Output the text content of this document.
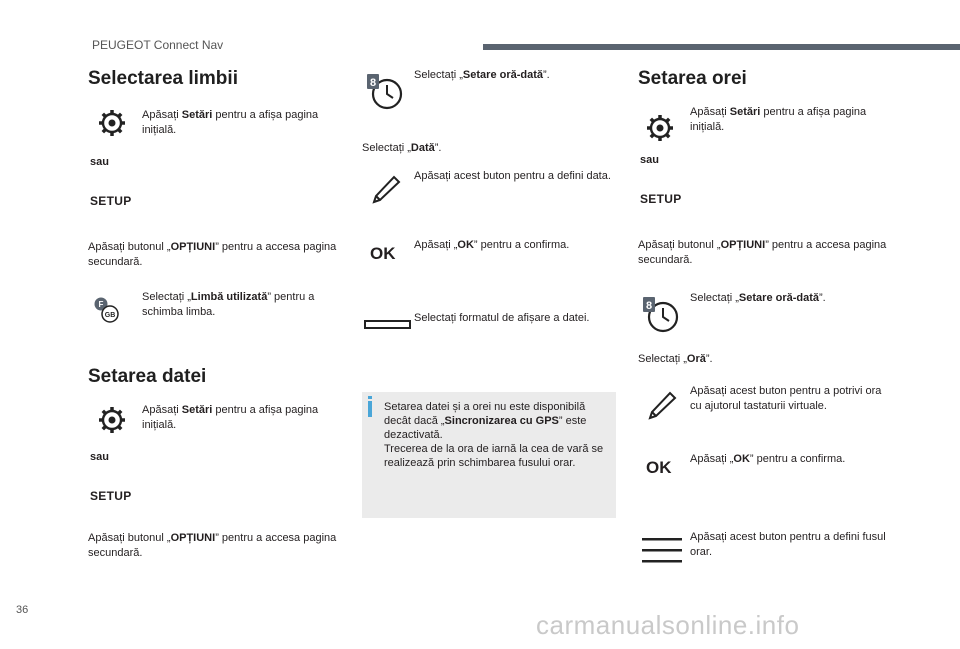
PEUGEOT Connect Nav
Selectarea limbii
Apăsați Setări pentru a afișa pagina inițială.
sau
SETUP
Apăsați butonul „OPȚIUNI” pentru a accesa pagina secundară.
F
GB
Selectați „Limbă utilizată” pentru a schimba limba.
Setarea datei
Apăsați Setări pentru a afișa pagina inițială.
sau
SETUP
Apăsați butonul „OPȚIUNI” pentru a accesa pagina secundară.
8
Selectați „Setare oră-dată”.
Selectați „Dată”.
Apăsați acest buton pentru a defini data.
OK Apăsați „OK” pentru a confirma.
Selectați formatul de afișare a datei.
Setarea datei și a orei nu este disponibilă decât dacă „Sincronizarea cu GPS” este dezactivată.
Trecerea de la ora de iarnă la cea de vară se realizează prin schimbarea fusului orar.
Setarea orei
Apăsați Setări pentru a afișa pagina inițială.
sau
SETUP
Apăsați butonul „OPȚIUNI” pentru a accesa pagina secundară.
8
Selectați „Setare oră-dată”.
Selectați „Oră”.
Apăsați acest buton pentru a potrivi ora cu ajutorul tastaturii virtuale.
OK Apăsați „OK” pentru a confirma.
Apăsați acest buton pentru a defini fusul orar.
36	carmanualsonline.info
